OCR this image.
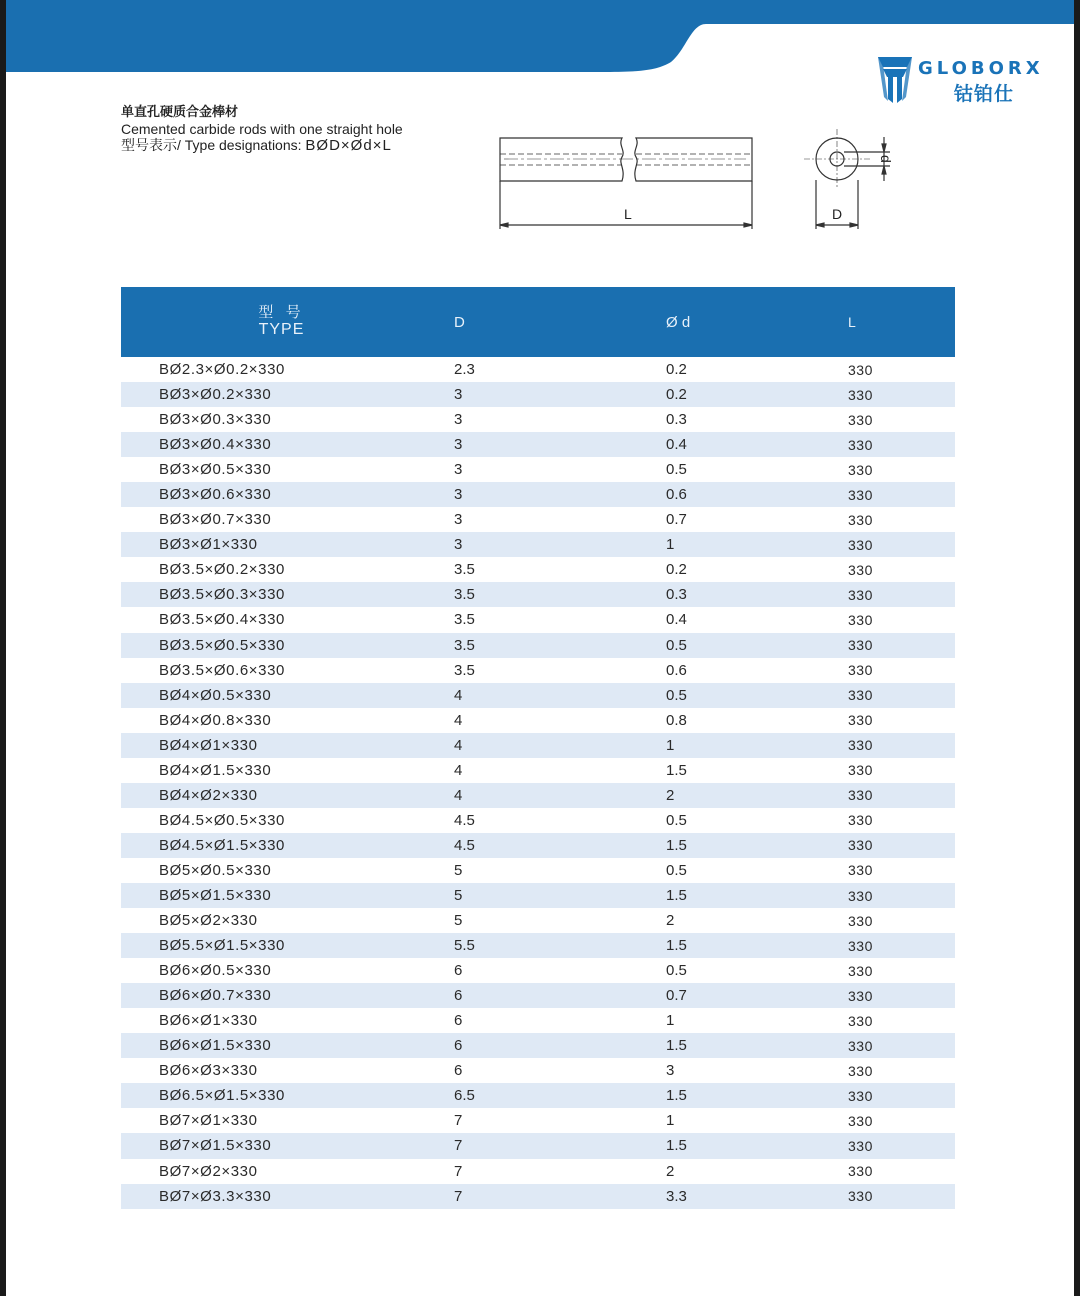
GLOBORX
钴铂仕
单直孔硬质合金棒材
Cemented carbide rods with one straight hole
型号表示/ Type designations: BØD×Ød×L
L
d
D
型 号
TYPE	D	Ø d	L
BØ2.3×Ø0.2×330	2.3	0.2	330
BØ3×Ø0.2×330	3	0.2	330
BØ3×Ø0.3×330	3	0.3	330
BØ3×Ø0.4×330	3	0.4	330
BØ3×Ø0.5×330	3	0.5	330
BØ3×Ø0.6×330	3	0.6	330
BØ3×Ø0.7×330	3	0.7	330
BØ3×Ø1×330	3	1	330
BØ3.5×Ø0.2×330	3.5	0.2	330
BØ3.5×Ø0.3×330	3.5	0.3	330
BØ3.5×Ø0.4×330	3.5	0.4	330
BØ3.5×Ø0.5×330	3.5	0.5	330
BØ3.5×Ø0.6×330	3.5	0.6	330
BØ4×Ø0.5×330	4	0.5	330
BØ4×Ø0.8×330	4	0.8	330
BØ4×Ø1×330	4	1	330
BØ4×Ø1.5×330	4	1.5	330
BØ4×Ø2×330	4	2	330
BØ4.5×Ø0.5×330	4.5	0.5	330
BØ4.5×Ø1.5×330	4.5	1.5	330
BØ5×Ø0.5×330	5	0.5	330
BØ5×Ø1.5×330	5	1.5	330
BØ5×Ø2×330	5	2	330
BØ5.5×Ø1.5×330	5.5	1.5	330
BØ6×Ø0.5×330	6	0.5	330
BØ6×Ø0.7×330	6	0.7	330
BØ6×Ø1×330	6	1	330
BØ6×Ø1.5×330	6	1.5	330
BØ6×Ø3×330	6	3	330
BØ6.5×Ø1.5×330	6.5	1.5	330
BØ7×Ø1×330	7	1	330
BØ7×Ø1.5×330	7	1.5	330
BØ7×Ø2×330	7	2	330
BØ7×Ø3.3×330	7	3.3	330
